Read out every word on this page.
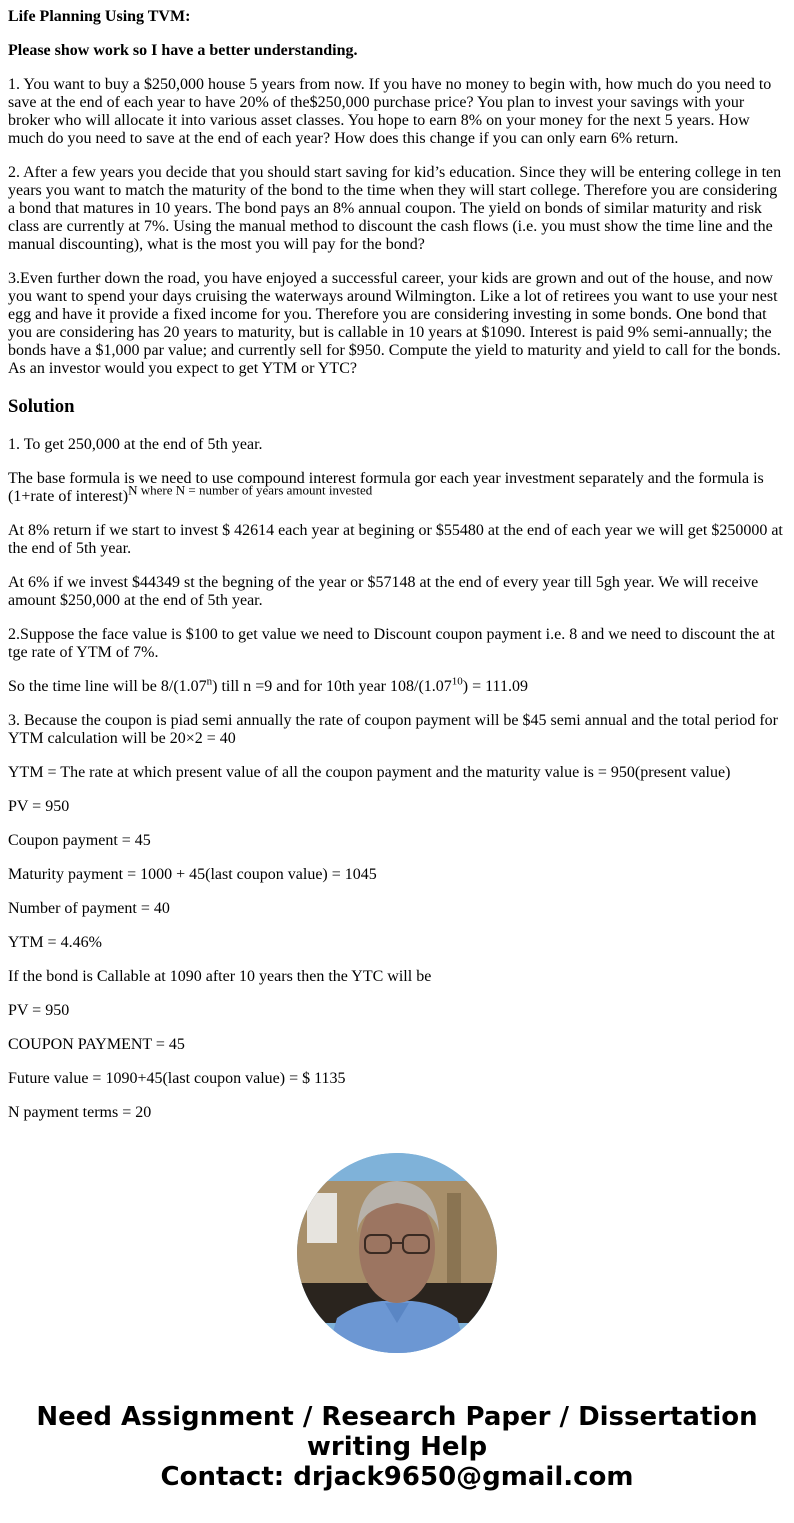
Life Planning Using TVM:

Please show work so I have a better understanding.

1. You want to buy a $250,000 house 5 years from now. If you have no money to begin with, how much do you need to save at the end of each year to have 20% of the$250,000 purchase price? You plan to invest your savings with your broker who will allocate it into various asset classes. You hope to earn 8% on your money for the next 5 years. How much do you need to save at the end of each year? How does this change if you can only earn 6% return.

2. After a few years you decide that you should start saving for kid’s education. Since they will be entering college in ten years you want to match the maturity of the bond to the time when they will start college. Therefore you are considering a bond that matures in 10 years. The bond pays an 8% annual coupon. The yield on bonds of similar maturity and risk class are currently at 7%. Using the manual method to discount the cash flows (i.e. you must show the time line and the manual discounting), what is the most you will pay for the bond?

3.Even further down the road, you have enjoyed a successful career, your kids are grown and out of the house, and now you want to spend your days cruising the waterways around Wilmington. Like a lot of retirees you want to use your nest egg and have it provide a fixed income for you. Therefore you are considering investing in some bonds. One bond that you are considering has 20 years to maturity, but is callable in 10 years at $1090. Interest is paid 9% semi-annually; the bonds have a $1,000 par value; and currently sell for $950. Compute the yield to maturity and yield to call for the bonds. As an investor would you expect to get YTM or YTC?

Solution

1. To get 250,000 at the end of 5th year.

The base formula is we need to use compound interest formula gor each year investment separately and the formula is (1+rate of interest)$^{N where N = number of years amount invested}$

At 8% return if we start to invest $ 42614 each year at begining or $55480 at the end of each year we will get $250000 at the end of 5th year.

At 6% if we invest $44349 st the begning of the year or $57148 at the end of every year till 5gh year. We will receive amount $250,000 at the end of 5th year.

2.Suppose the face value is $100 to get value we need to Discount coupon payment i.e. 8 and we need to discount the at tge rate of YTM of 7%.

So the time line will be 8/(1.07$^n$) till n =9 and for 10th year $108/(1.07^{10}) = 111.09$

3. Because the coupon is piad semi annually the rate of coupon payment will be $45 semi annual and the total period for YTM calculation will be 20×2 = 40

YTM = The rate at which present value of all the coupon payment and the maturity value is = 950(present value)

PV = 950

Coupon payment = 45

Maturity payment = 1000 + 45(last coupon value) = 1045

Number of payment = 40

YTM = 4.46%

If the bond is Callable at 1090 after 10 years then the YTC will be

PV = 950

COUPON PAYMENT = 45

Future value = 1090+45(last coupon value) = $ 1135

N payment terms = 20

Need Assignment / Research Paper / Dissertation
writing Help
Contact: drjack9650@gmail.com
